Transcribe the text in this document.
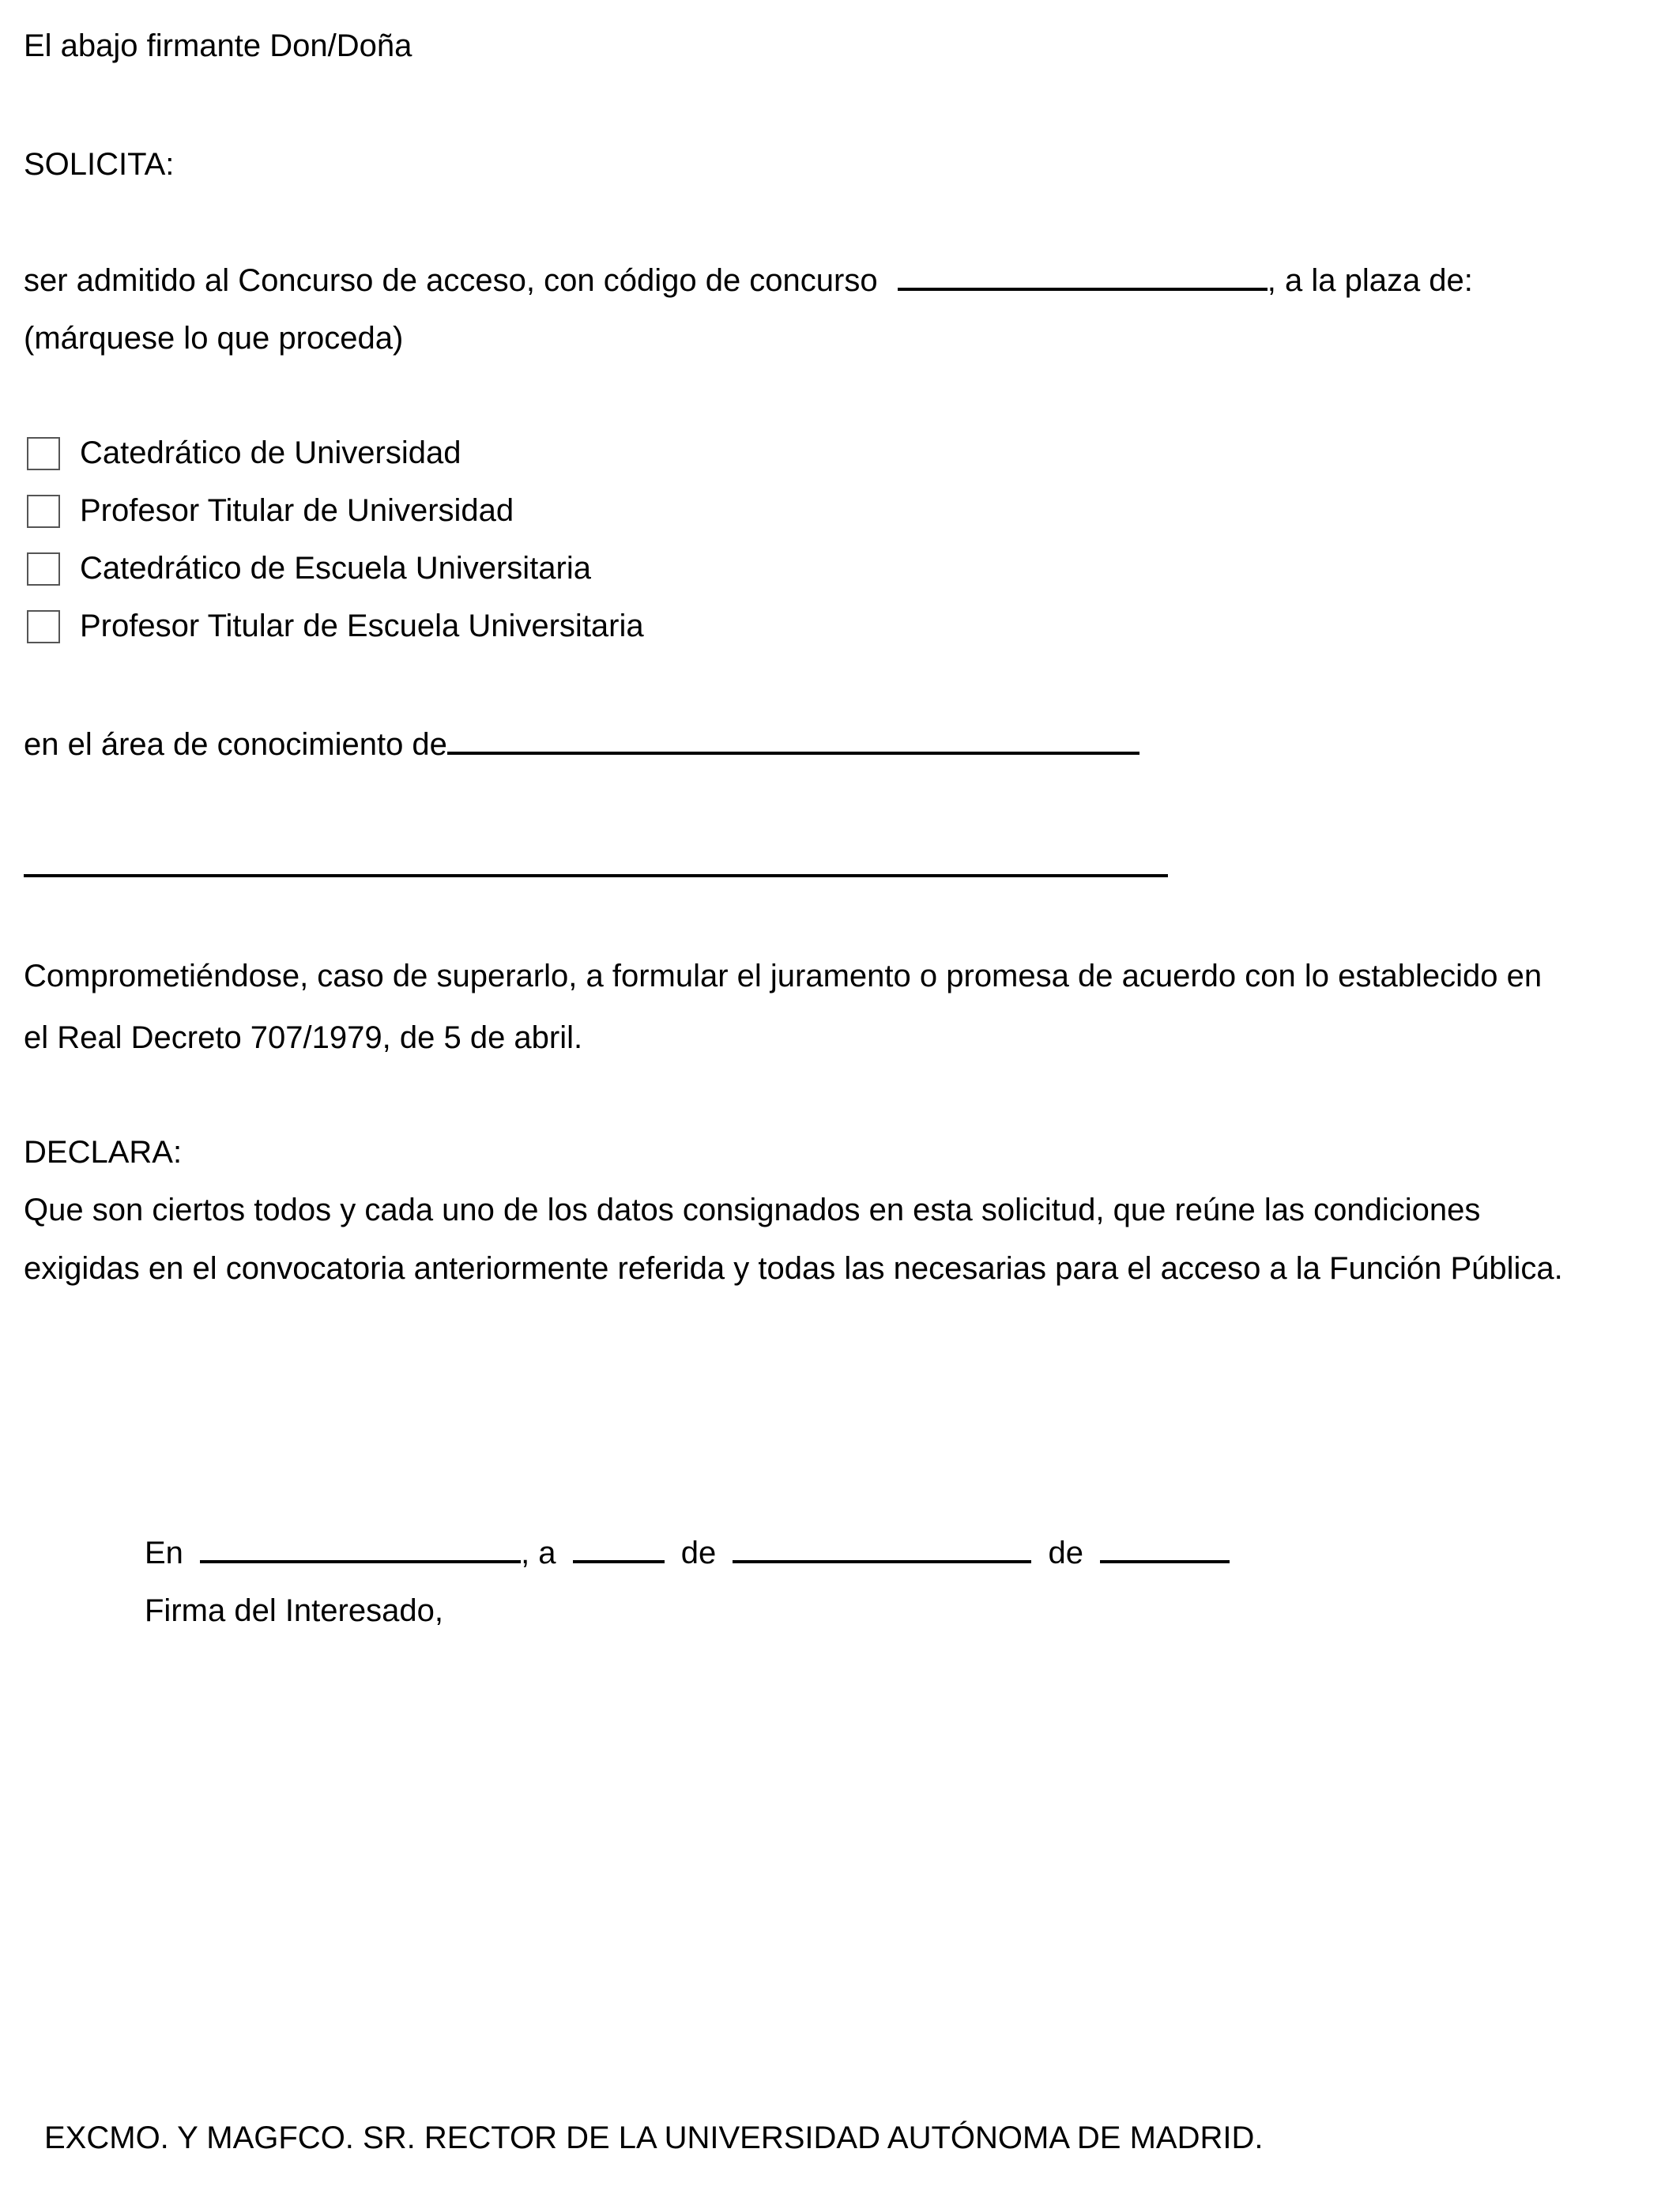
El abajo firmante Don/Doña
SOLICITA:
ser admitido al Concurso de acceso, con código de concurso	, a la plaza de:
(márquese lo que proceda)
Catedrático de Universidad
Profesor Titular de Universidad
Catedrático de Escuela Universitaria
Profesor Titular de Escuela Universitaria
en el área de conocimiento de
Comprometiéndose, caso de superarlo, a formular el juramento o promesa de acuerdo con lo establecido en
el Real Decreto 707/1979, de 5 de abril.
DECLARA:
Que son ciertos todos y cada uno de los datos consignados en esta solicitud, que reúne las condiciones
exigidas en el convocatoria anteriormente referida y todas las necesarias para el acceso a la Función Pública.
En	, a	de	de
Firma del Interesado,
EXCMO. Y MAGFCO. SR. RECTOR DE LA UNIVERSIDAD AUTÓNOMA DE MADRID.
